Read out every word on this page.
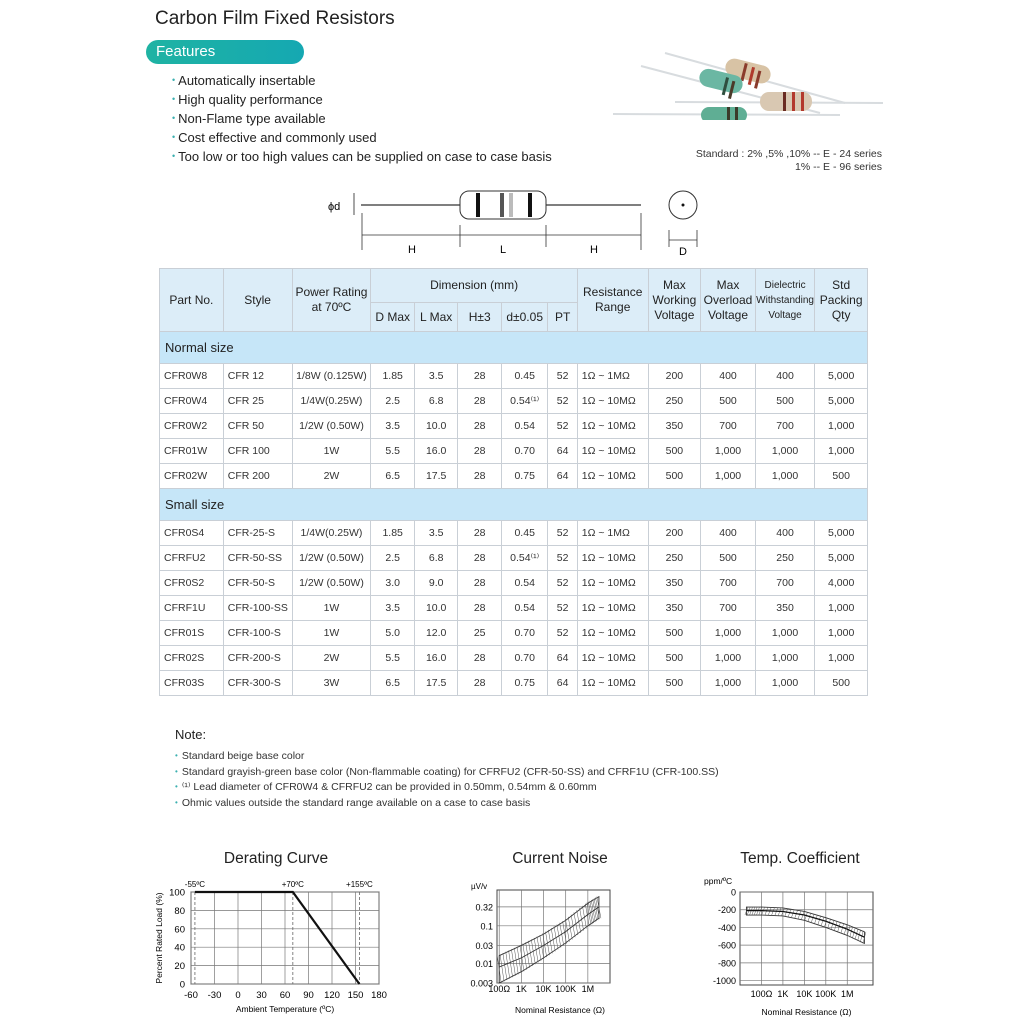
Carbon Film Fixed Resistors
Features
• Automatically insertable
• High quality performance
• Non-Flame type available
• Cost effective and commonly used
• Too low or too high values can be supplied on case to case basis	Standard : 2% ,5% ,10% -- E - 24 series
1% -- E - 96 series
ϕd
H	L	H	D
Part No.	Style	Power Rating at 70ºC	Dimension (mm)					Resistance Range	Max Working Voltage	Max Overload Voltage	Dielectric Withstanding Voltage	Std Packing Qty
			D Max	L Max	H±3	d±0.05	PT					
Normal size												
CFR0W8	CFR 12	1/8W (0.125W)	1.85	3.5	28	0.45	52	1Ω ~ 1MΩ	200	400	400	5,000
CFR0W4	CFR 25	1/4W(0.25W)	2.5	6.8	28	0.54⁽¹⁾	52	1Ω ~ 10MΩ	250	500	500	5,000
CFR0W2	CFR 50	1/2W (0.50W)	3.5	10.0	28	0.54	52	1Ω ~ 10MΩ	350	700	700	1,000
CFR01W	CFR 100	1W	5.5	16.0	28	0.70	64	1Ω ~ 10MΩ	500	1,000	1,000	1,000
CFR02W	CFR 200	2W	6.5	17.5	28	0.75	64	1Ω ~ 10MΩ	500	1,000	1,000	500
Small size												
CFR0S4	CFR-25-S	1/4W(0.25W)	1.85	3.5	28	0.45	52	1Ω ~ 1MΩ	200	400	400	5,000
CFRFU2	CFR-50-SS	1/2W (0.50W)	2.5	6.8	28	0.54⁽¹⁾	52	1Ω ~ 10MΩ	250	500	250	5,000
CFR0S2	CFR-50-S	1/2W (0.50W)	3.0	9.0	28	0.54	52	1Ω ~ 10MΩ	350	700	700	4,000
CFRF1U	CFR-100-SS	1W	3.5	10.0	28	0.54	52	1Ω ~ 10MΩ	350	700	350	1,000
CFR01S	CFR-100-S	1W	5.0	12.0	25	0.70	52	1Ω ~ 10MΩ	500	1,000	1,000	1,000
CFR02S	CFR-200-S	2W	5.5	16.0	28	0.70	64	1Ω ~ 10MΩ	500	1,000	1,000	1,000
CFR03S	CFR-300-S	3W	6.5	17.5	28	0.75	64	1Ω ~ 10MΩ	500	1,000	1,000	500
Note:
• Standard beige base color
• Standard grayish-green base color (Non-flammable coating) for CFRFU2 (CFR-50-SS) and CFRF1U (CFR-100.SS)
• ⁽¹⁾ Lead diameter of CFR0W4 & CFRFU2 can be provided in 0.50mm, 0.54mm & 0.60mm
• Ohmic values outside the standard range available on a case to case basis
Derating Curve
-60 -30 0 30 60 90 120 150 180
0
20
40
60
80
100
-55ºC	+70ºC	+155ºC
Ambient Temperature (ºC)
Percent Rated Load (%)
Current Noise
100Ω 1K 10K 100K 1M
0.003
0.01
0.03
0.1
0.32
µV/v
Nominal Resistance (Ω)
Temp. Coefficient
100Ω 1K 10K 100K 1M
0
-200
-400
-600
-800
-1000
ppm/ºC
Nominal Resistance (Ω)
